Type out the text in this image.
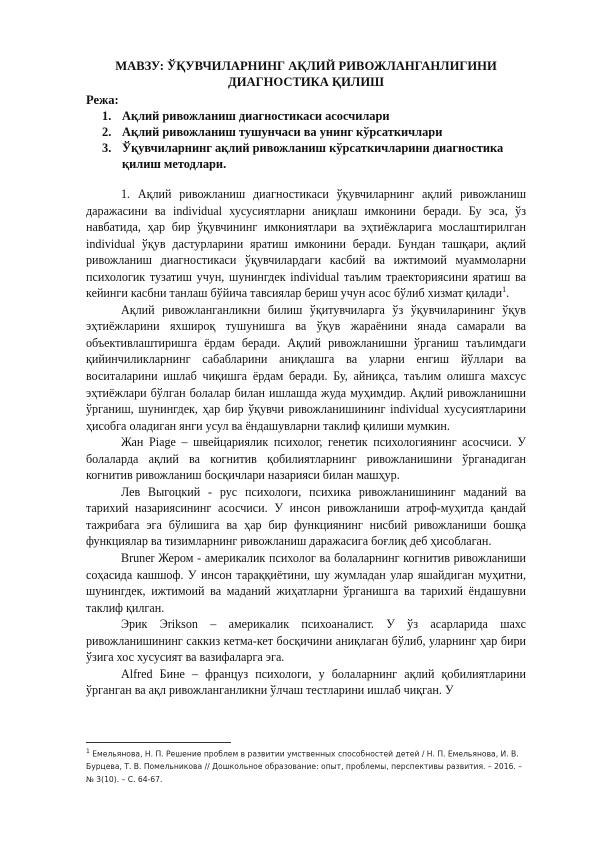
МАВЗУ: ЎҚУВЧИЛАРНИНГ АҚЛИЙ РИВОЖЛАНГАНЛИГИНИ ДИАГНОСТИКА ҚИЛИШ
Режа:
1. Ақлий ривожланиш диагностикаси асосчилари
2. Ақлий ривожланиш тушунчаси ва унинг кўрсаткичлари
3. Ўқувчиларнинг ақлий ривожланиш кўрсаткичларини диагностика қилиш методлари.

1. Ақлий ривожланиш диагностикаси ўқувчиларнинг ақлий ривожланиш даражасини ва individual хусусиятларни аниқлаш имконини беради. Бу эса, ўз навбатида, ҳар бир ўқувчининг имкониятлари ва эҳтиёжларига мослаштирилган individual ўқув дастурларини яратиш имконини беради. Бундан ташқари, ақлий ривожланиш диагностикаси ўқувчилардаги касбий ва ижтимоий муаммоларни психологик тузатиш учун, шунингдек individual таълим траекториясини яратиш ва кейинги касбни танлаш бўйича тавсиялар бериш учун асос бўлиб хизмат қилади$^1$.

Ақлий ривожланганликни билиш ўқитувчиларга ўз ўқувчиларининг ўқув эҳтиёжларини яхшироқ тушунишга ва ўқув жараёнини янада самарали ва объективлаштиришга ёрдам беради. Ақлий ривожланишни ўрганиш таълимдаги қийинчиликларнинг сабабларини аниқлашга ва уларни енгиш йўллари ва воситаларини ишлаб чиқишга ёрдам беради. Бу, айниқса, таълим олишга махсус эҳтиёжлари бўлган болалар билан ишлашда жуда муҳимдир. Ақлий ривожланишни ўрганиш, шунингдек, ҳар бир ўқувчи ривожланишининг individual хусусиятларини ҳисобга оладиган янги усул ва ёндашувларни таклиф қилиши мумкин.

Жан Piage – швейцариялик психолог, генетик психологиянинг асосчиси. У болаларда ақлий ва когнитив қобилиятларнинг ривожланишини ўрганадиган когнитив ривожланиш босқичлари назарияси билан машҳур.

Лев Выгоцкий - рус психологи, психика ривожланишининг маданий ва тарихий назариясининг асосчиси. У инсон ривожланиши атроф-муҳитда қандай тажрибага эга бўлишига ва ҳар бир функциянинг нисбий ривожланиши бошқа функциялар ва тизимларнинг ривожланиш даражасига боғлиқ деб ҳисоблаган.

Bruner Жером - америкалик психолог ва болаларнинг когнитив ривожланиши соҳасида кашшоф. У инсон тараққиётини, шу жумладан улар яшайдиган муҳитни, шунингдек, ижтимоий ва маданий жиҳатларни ўрганишга ва тарихий ёндашувни таклиф қилган.

Эрик Эrikson – америкалик психоаналист. У ўз асарларида шахс ривожланишининг саккиз кетма-кет босқичини аниқлаган бўлиб, уларнинг ҳар бири ўзига хос хусусият ва вазифаларга эга.

Alfred Бине – француз психологи, у болаларнинг ақлий қобилиятларини ўрганган ва ақл ривожланганликни ўлчаш тестларини ишлаб чиқган. У

$^1$ Емельянова, Н. П. Решение проблем в развитии умственных способностей детей / Н. П. Емельянова, И. В. Бурцева, Т. В. Помельникова // Дошкольное образование: опыт, проблемы, перспективы развития. – 2016. – № 3(10). – С. 64-67.
